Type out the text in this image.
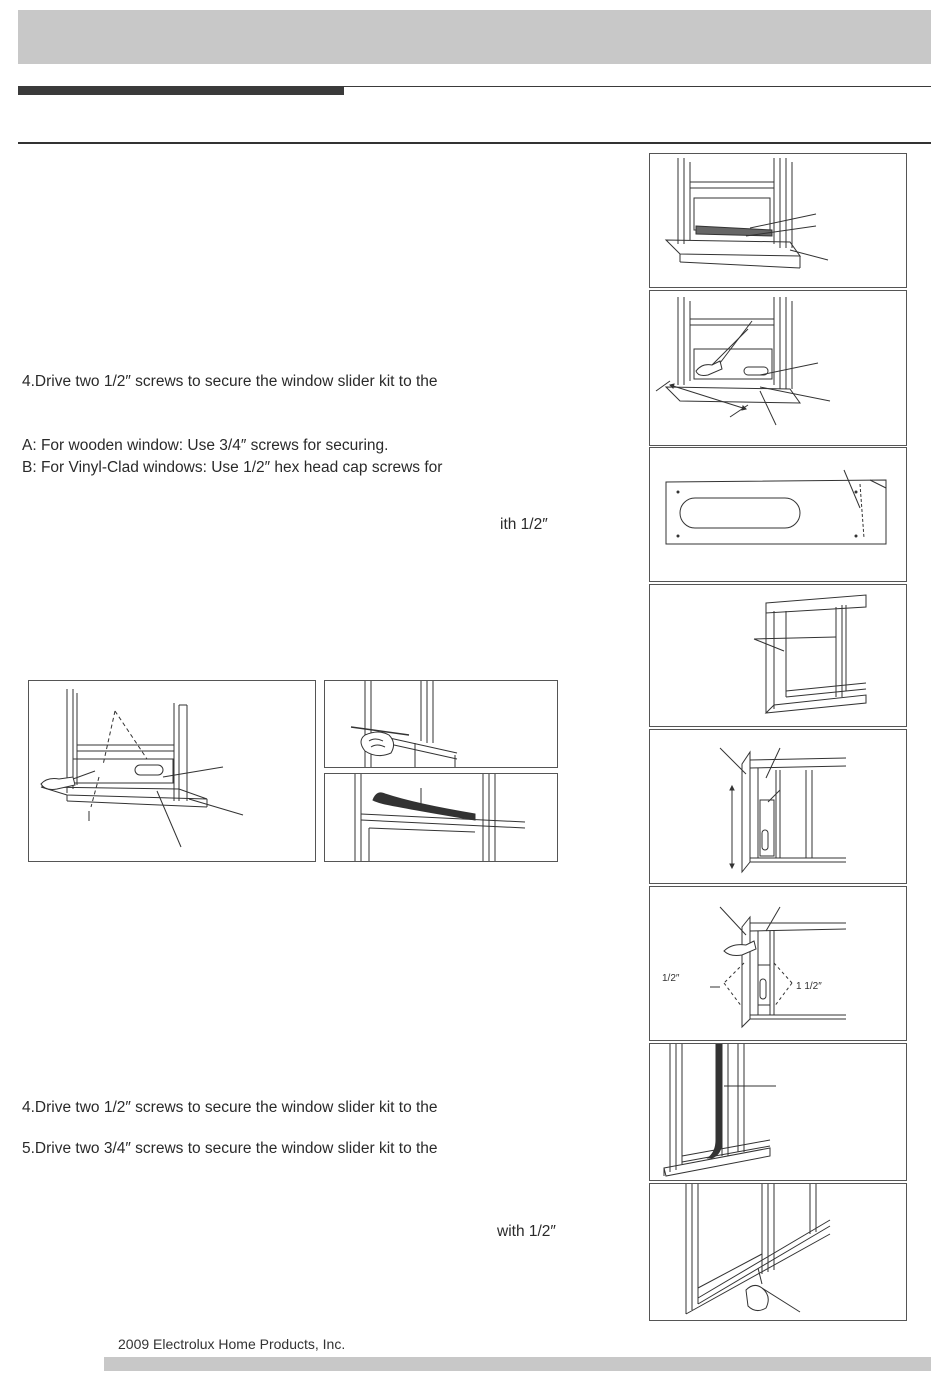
4.Drive two 1/2″ screws to secure the window slider kit to the
A: For wooden window: Use 3/4″ screws for securing.
B: For Vinyl-Clad windows: Use 1/2″ hex head cap screws for
ith 1/2″
4.Drive two 1/2″ screws to secure the window slider kit to the
5.Drive two 3/4″ screws to secure the window slider kit to the
with 1/2″
1/2″
1 1/2″
2009 Electrolux Home Products, Inc.
